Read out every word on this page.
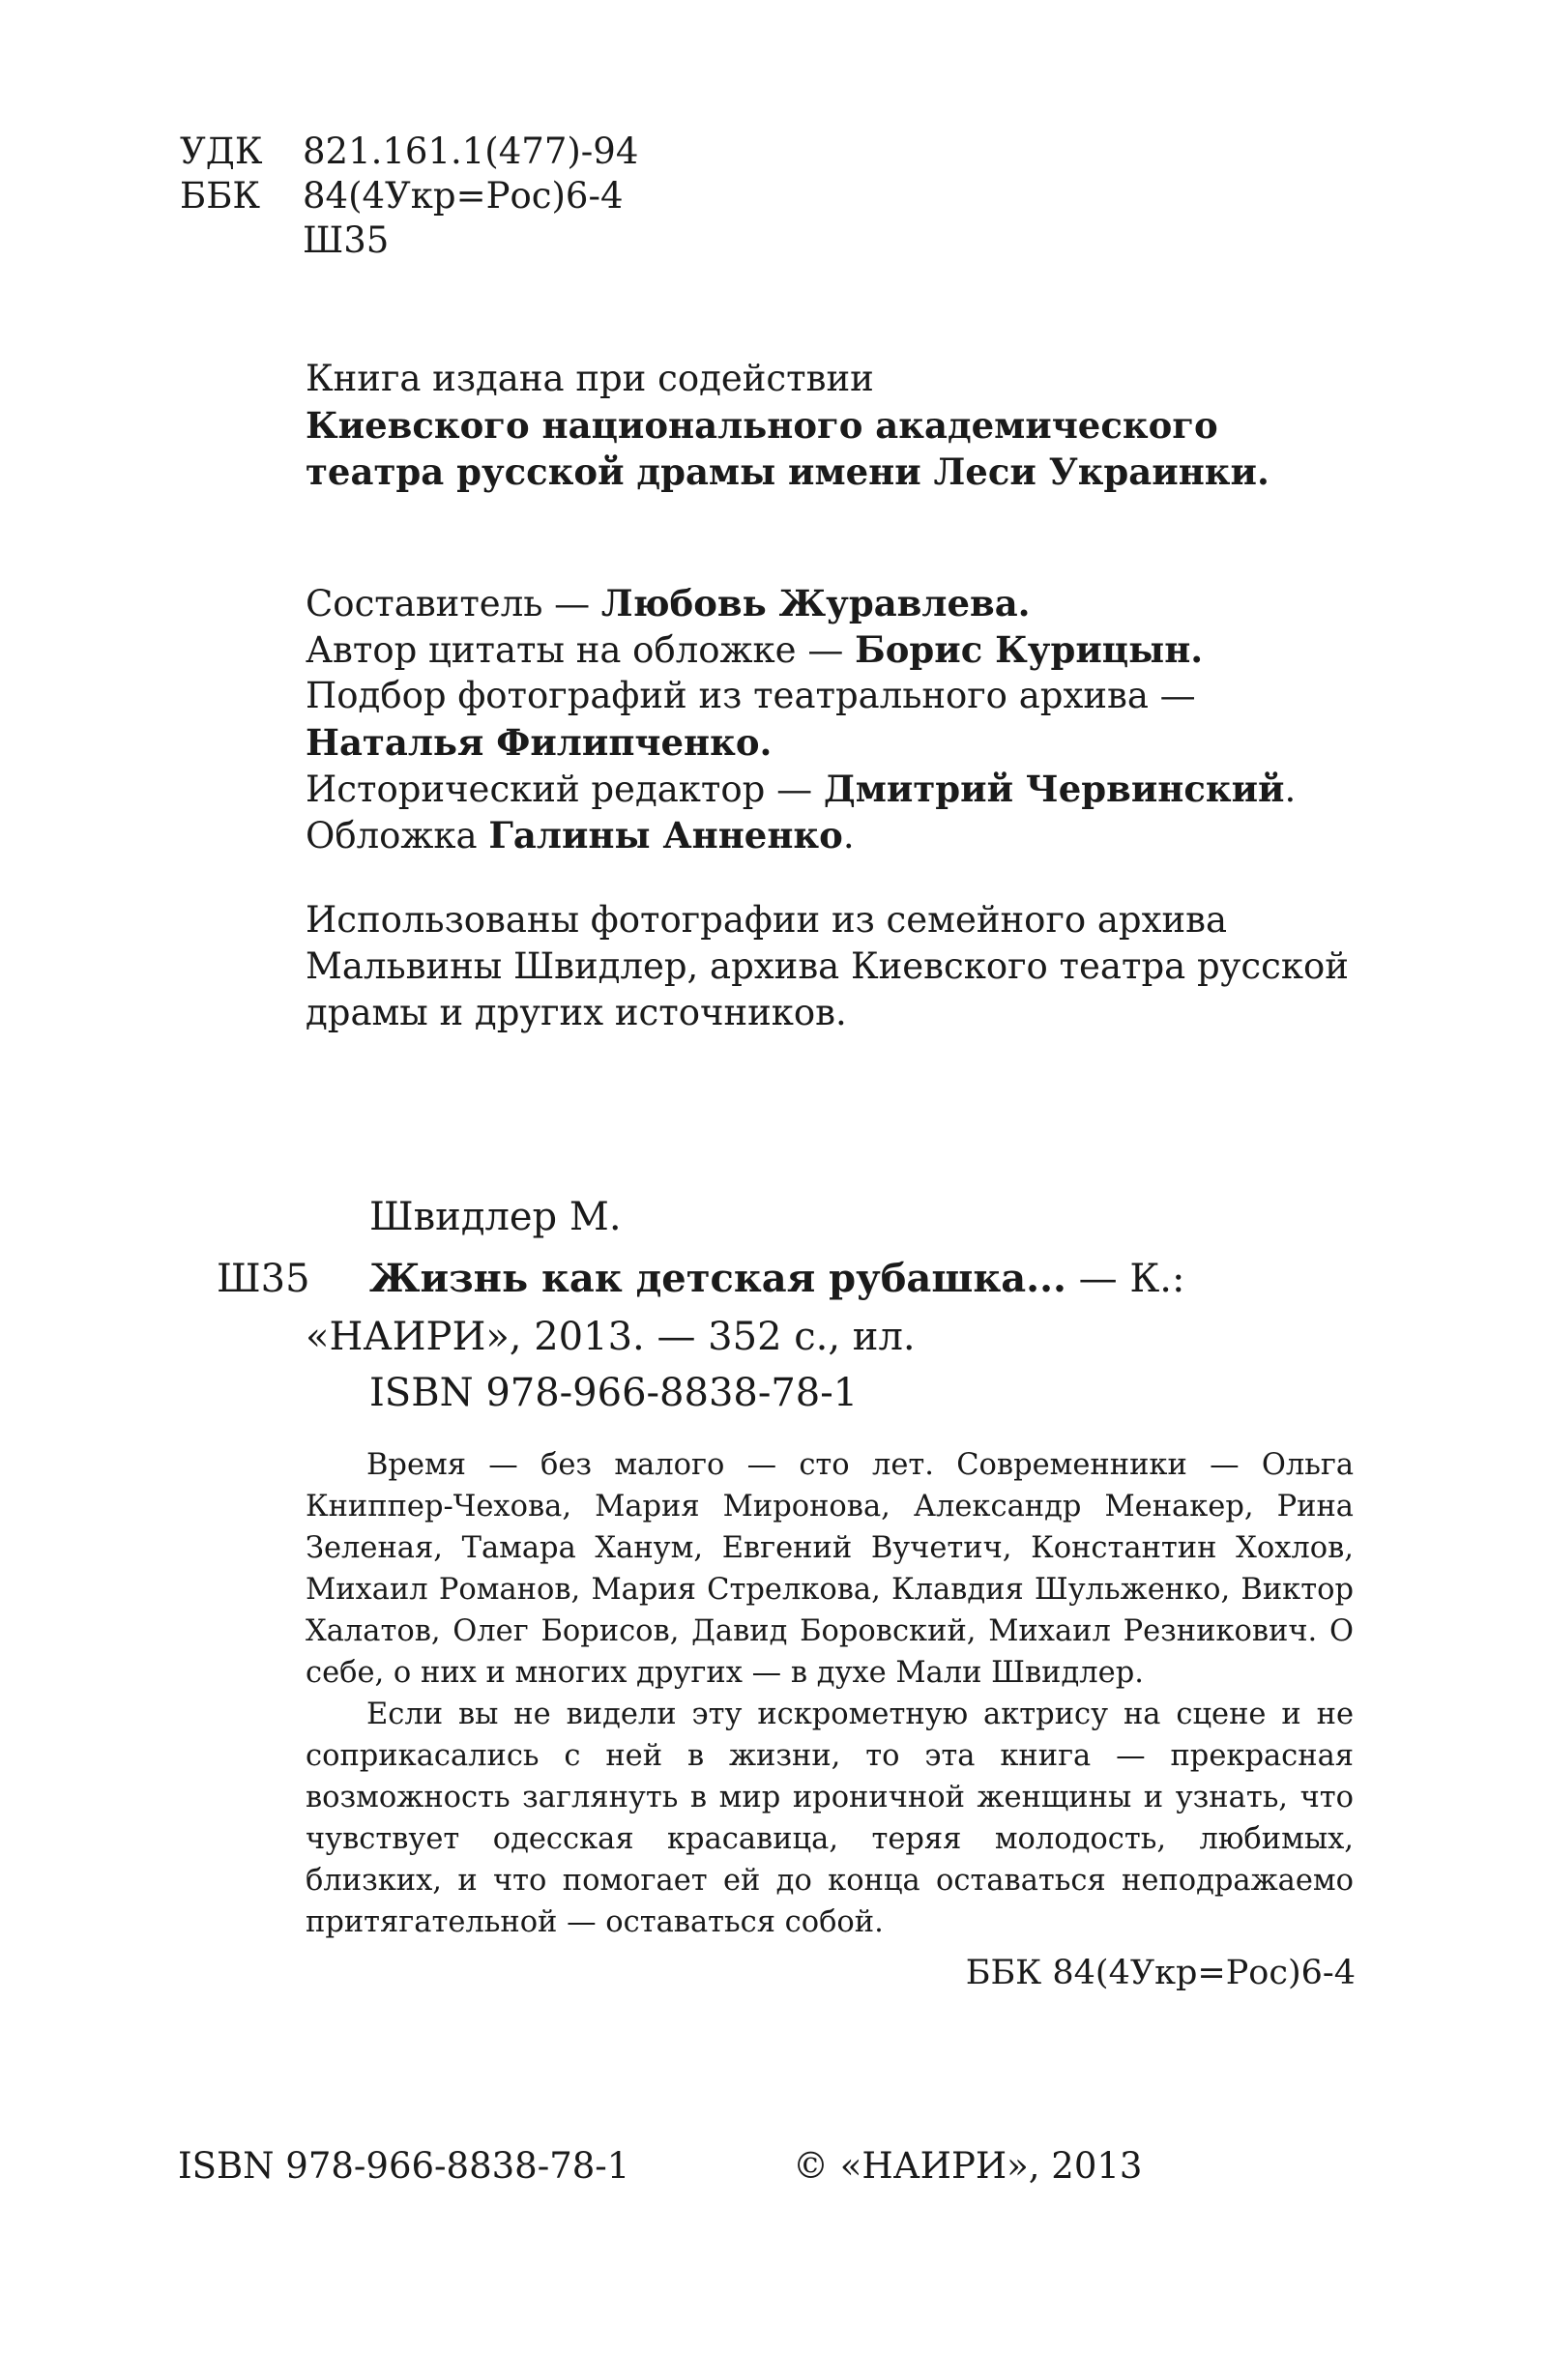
УДК 821.161.1(477)-94
ББК 84(4Укр=Рос)6-4
Ш35
Книга издана при содействии
Киевского национального академического
театра русской драмы имени Леси Украинки.
Составитель — Любовь Журавлева.
Автор цитаты на обложке — Борис Курицын.
Подбор фотографий из театрального архива —
Наталья Филипченко.
Исторический редактор — Дмитрий Червинский.
Обложка Галины Анненко.
Использованы фотографии из семейного архива
Мальвины Швидлер, архива Киевского театра русской
драмы и других источников.
Швидлер М.
Ш35 Жизнь как детская рубашка... — К.:
«НАИРИ», 2013. — 352 с., ил.
ISBN 978-966-8838-78-1

Время — без малого — сто лет. Современники — Ольга Книппер-Чехова, Мария Миронова, Александр Менакер, Рина Зеленая, Тамара Ханум, Евгений Вучетич, Константин Хохлов, Михаил Романов, Мария Стрелкова, Клавдия Шульженко, Виктор Халатов, Олег Борисов, Давид Боровский, Михаил Резникович. О себе, о них и многих других — в духе Мали Швидлер.

Если вы не видели эту искрометную актрису на сцене и не соприкасались с ней в жизни, то эта книга — прекрасная возможность заглянуть в мир ироничной женщины и узнать, что чувствует одесская красавица, теряя молодость, любимых, близких, и что помогает ей до конца оставаться неподражаемо притягательной — оставаться собой.

ББК 84(4Укр=Рос)6-4
ISBN 978-966-8838-78-1	© «НАИРИ», 2013
